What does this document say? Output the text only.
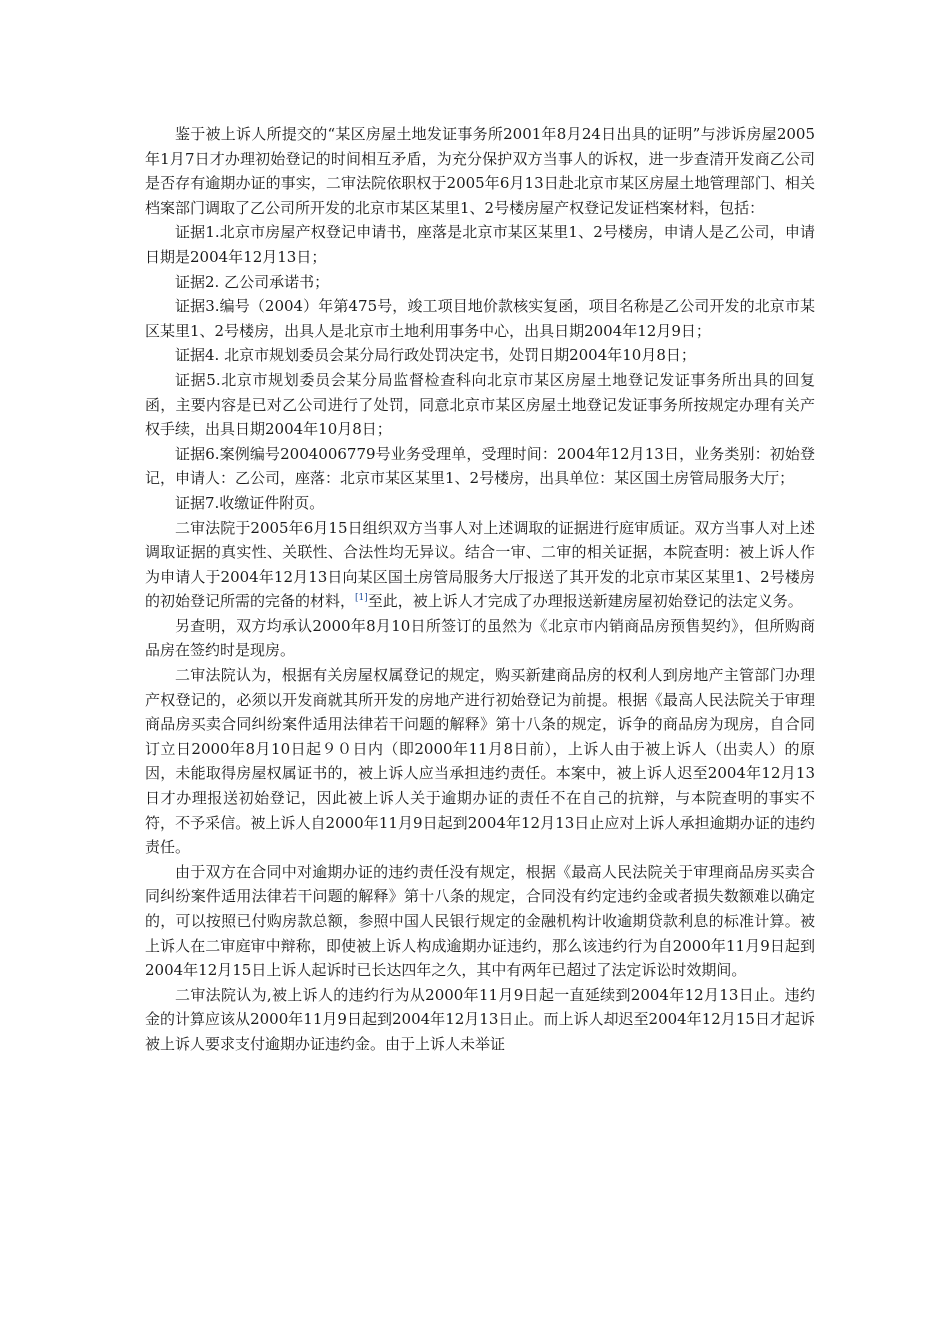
鉴于被上诉人所提交的“某区房屋土地发证事务所2001年8月24日出具的证明”与涉诉房屋2005年1月7日才办理初始登记的时间相互矛盾，为充分保护双方当事人的诉权，进一步查清开发商乙公司是否存有逾期办证的事实，二审法院依职权于2005年6月13日赴北京市某区房屋土地管理部门、相关档案部门调取了乙公司所开发的北京市某区某里1、2号楼房屋产权登记发证档案材料，包括：

证据1.北京市房屋产权登记申请书，座落是北京市某区某里1、2号楼房，申请人是乙公司，申请日期是2004年12月13日；

证据2. 乙公司承诺书；

证据3.编号（2004）年第475号，竣工项目地价款核实复函，项目名称是乙公司开发的北京市某区某里1、2号楼房，出具人是北京市土地利用事务中心，出具日期2004年12月9日；

证据4. 北京市规划委员会某分局行政处罚决定书，处罚日期2004年10月8日；

证据5.北京市规划委员会某分局监督检查科向北京市某区房屋土地登记发证事务所出具的回复函，主要内容是已对乙公司进行了处罚，同意北京市某区房屋土地登记发证事务所按规定办理有关产权手续，出具日期2004年10月8日；

证据6.案例编号2004006779号业务受理单，受理时间：2004年12月13日，业务类别：初始登记，申请人：乙公司，座落：北京市某区某里1、2号楼房，出具单位：某区国土房管局服务大厅；

证据7.收缴证件附页。

二审法院于2005年6月15日组织双方当事人对上述调取的证据进行庭审质证。双方当事人对上述调取证据的真实性、关联性、合法性均无异议。结合一审、二审的相关证据，本院查明：被上诉人作为申请人于2004年12月13日向某区国土房管局服务大厅报送了其开发的北京市某区某里1、2号楼房的初始登记所需的完备的材料，[1]至此，被上诉人才完成了办理报送新建房屋初始登记的法定义务。

另查明，双方均承认2000年8月10日所签订的虽然为《北京市内销商品房预售契约》，但所购商品房在签约时是现房。

二审法院认为，根据有关房屋权属登记的规定，购买新建商品房的权利人到房地产主管部门办理产权登记的，必须以开发商就其所开发的房地产进行初始登记为前提。根据《最高人民法院关于审理商品房买卖合同纠纷案件适用法律若干问题的解释》第十八条的规定，诉争的商品房为现房，自合同订立日2000年8月10日起９０日内（即2000年11月8日前），上诉人由于被上诉人（出卖人）的原因，未能取得房屋权属证书的，被上诉人应当承担违约责任。本案中，被上诉人迟至2004年12月13日才办理报送初始登记，因此被上诉人关于逾期办证的责任不在自己的抗辩，与本院查明的事实不符，不予采信。被上诉人自2000年11月9日起到2004年12月13日止应对上诉人承担逾期办证的违约责任。

由于双方在合同中对逾期办证的违约责任没有规定，根据《最高人民法院关于审理商品房买卖合同纠纷案件适用法律若干问题的解释》第十八条的规定，合同没有约定违约金或者损失数额难以确定的，可以按照已付购房款总额，参照中国人民银行规定的金融机构计收逾期贷款利息的标准计算。被上诉人在二审庭审中辩称，即使被上诉人构成逾期办证违约，那么该违约行为自2000年11月9日起到2004年12月15日上诉人起诉时已长达四年之久，其中有两年已超过了法定诉讼时效期间。

二审法院认为,被上诉人的违约行为从2000年11月9日起一直延续到2004年12月13日止。违约金的计算应该从2000年11月9日起到2004年12月13日止。而上诉人却迟至2004年12月15日才起诉被上诉人要求支付逾期办证违约金。由于上诉人未举证
